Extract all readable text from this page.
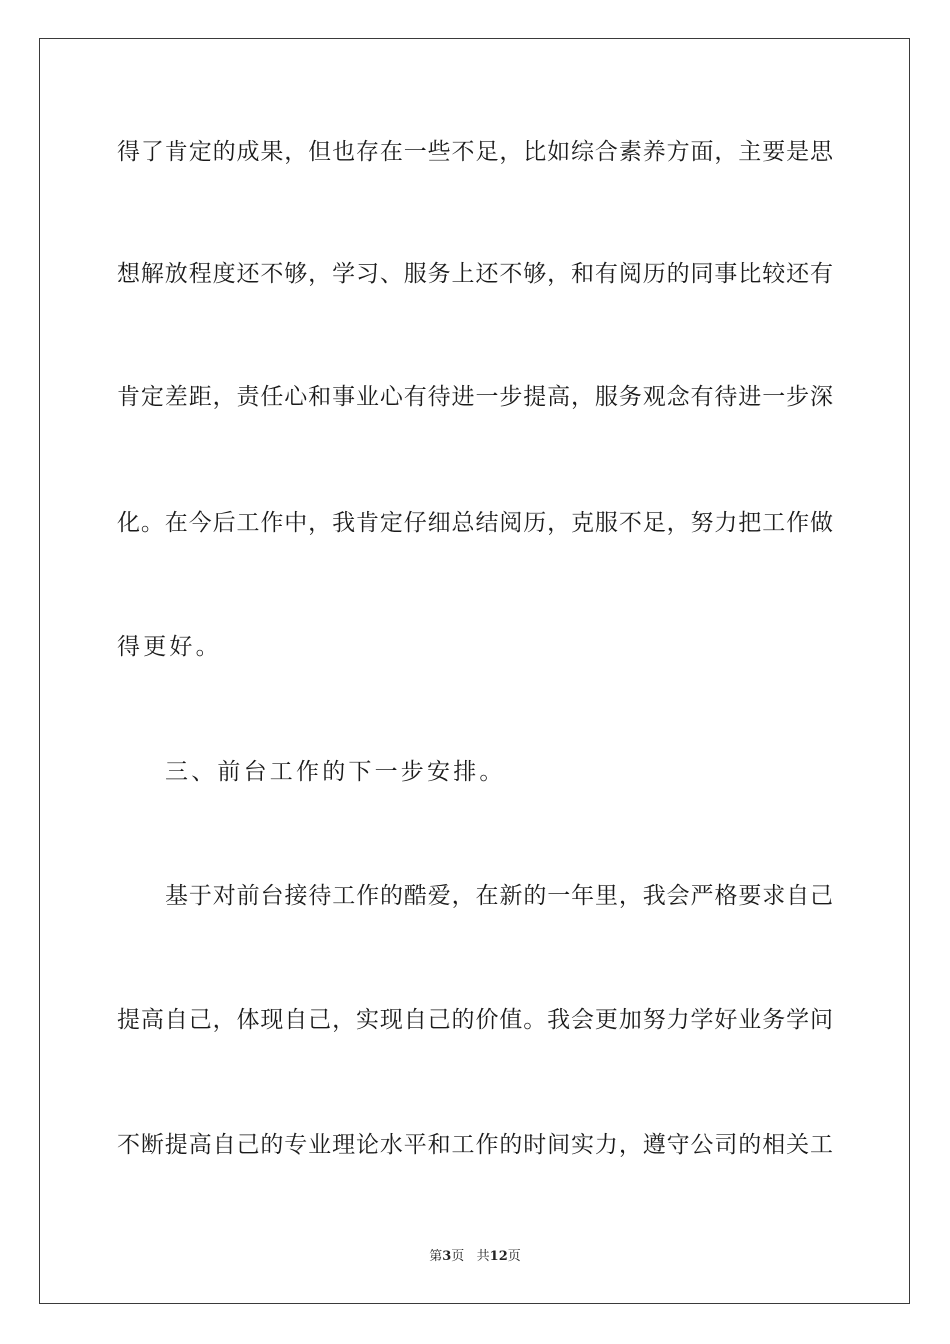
得了肯定的成果，但也存在一些不足，比如综合素养方面，主要是思
想解放程度还不够，学习、服务上还不够，和有阅历的同事比较还有
肯定差距，责任心和事业心有待进一步提高，服务观念有待进一步深
化。在今后工作中，我肯定仔细总结阅历，克服不足，努力把工作做
得更好。
三、前台工作的下一步安排。
基于对前台接待工作的酷爱，在新的一年里，我会严格要求自己
提高自己，体现自己，实现自己的价值。我会更加努力学好业务学问
不断提高自己的专业理论水平和工作的时间实力，遵守公司的相关工
第3页   共12页
